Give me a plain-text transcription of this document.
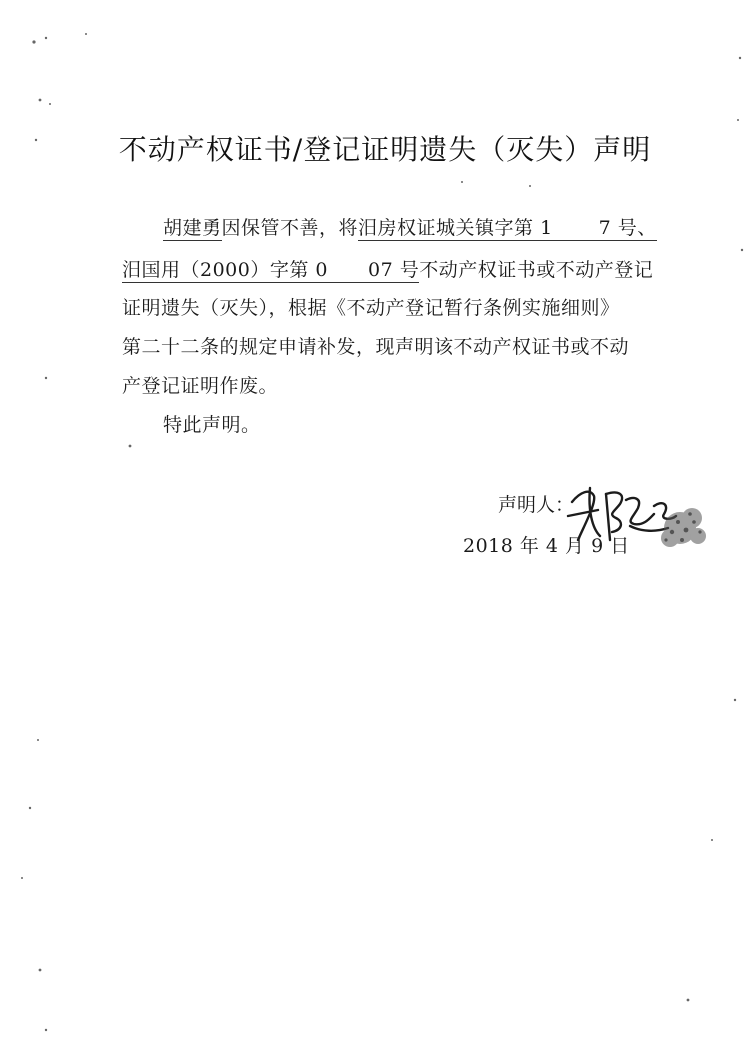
不动产权证书/登记证明遗失（灭失）声明
胡建勇因保管不善，将汨房权证城关镇字第 1 7 号、
汨国用（2000）字第 0 07 号不动产权证书或不动产登记
证明遗失（灭失），根据《不动产登记暂行条例实施细则》
第二十二条的规定申请补发，现声明该不动产权证书或不动
产登记证明作废。
特此声明。
声明人：
2018 年 4 月 9 日
